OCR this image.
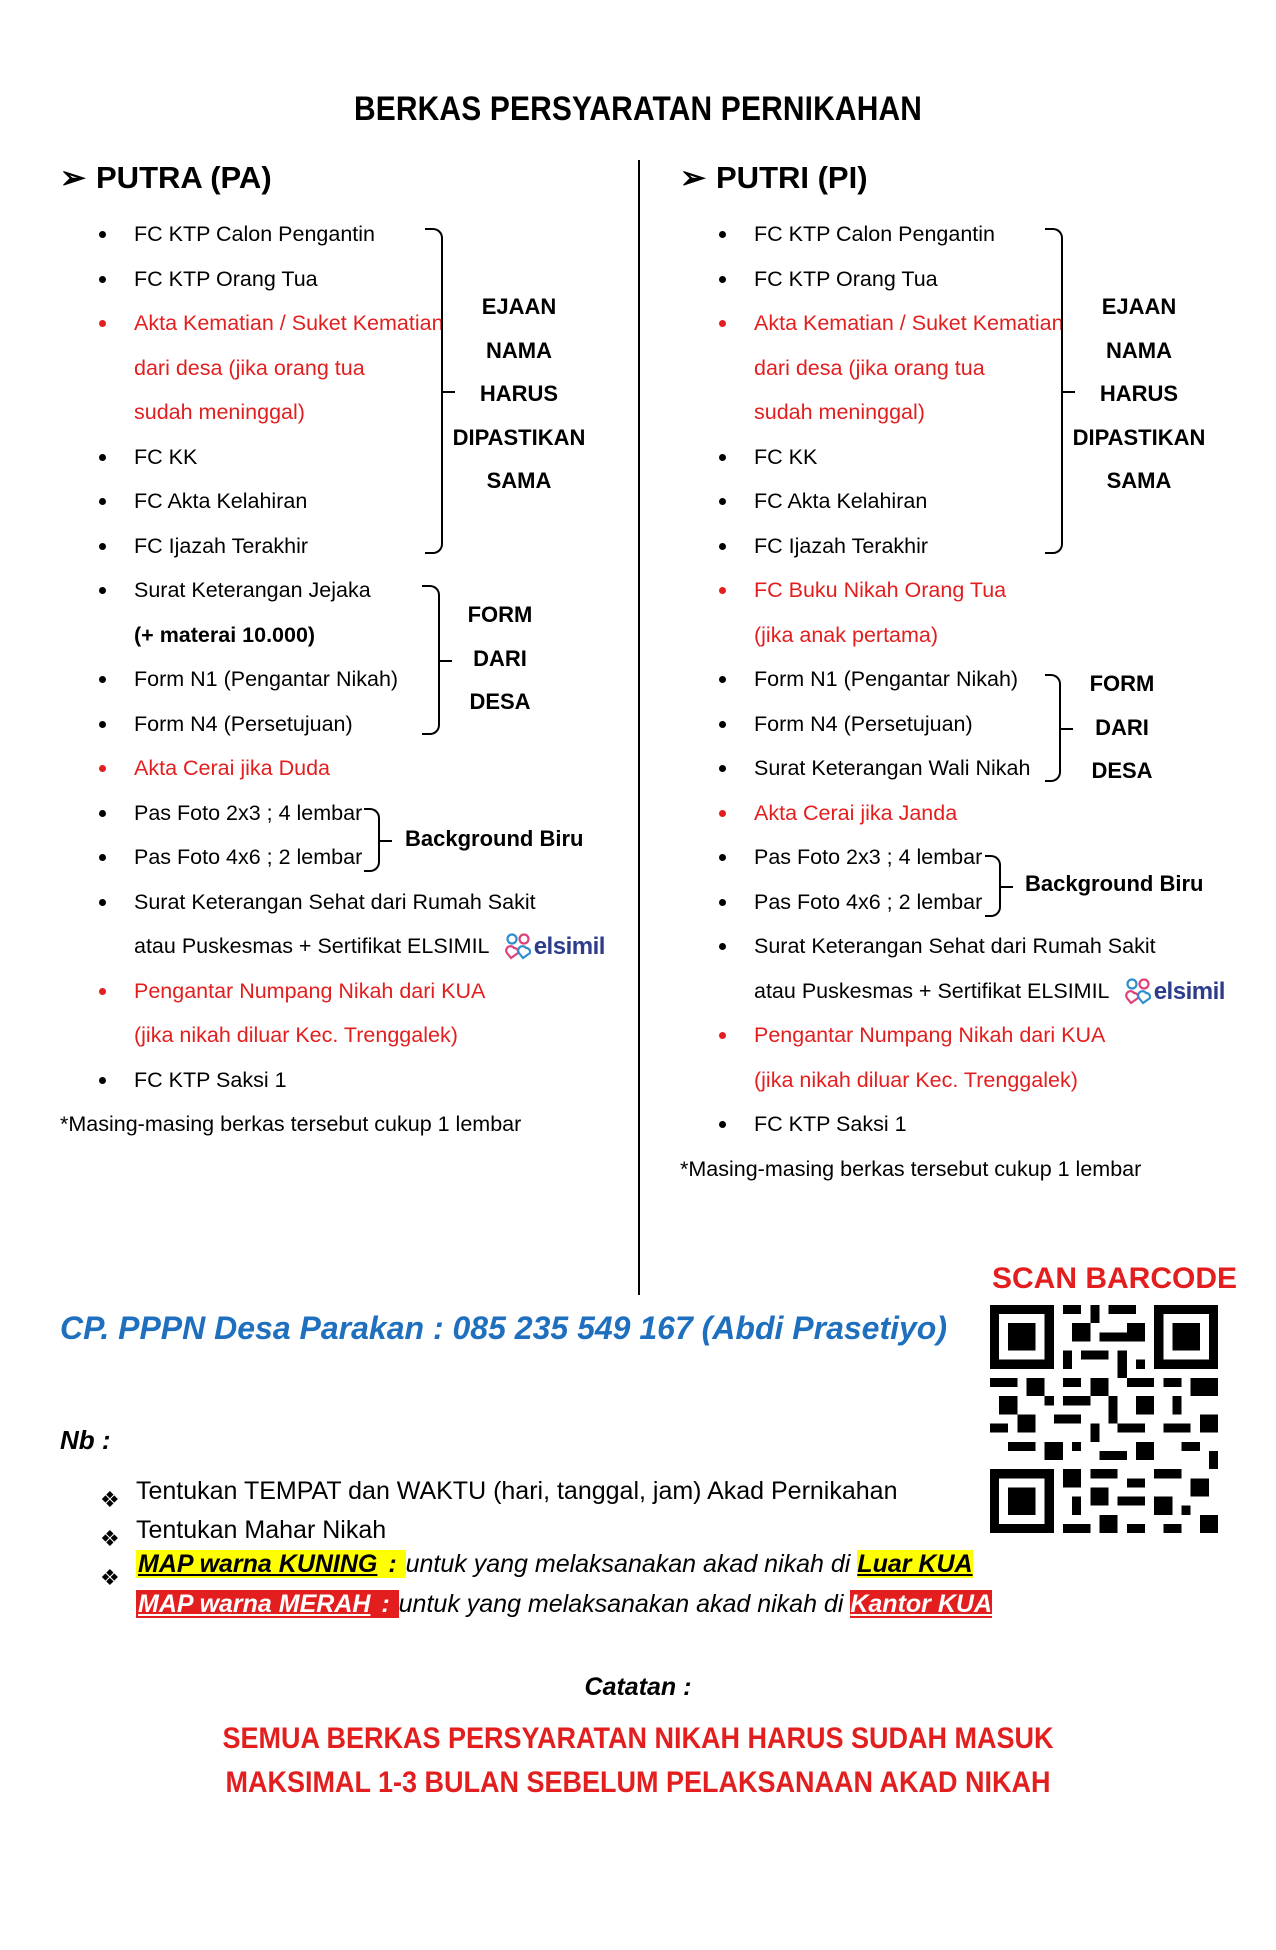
BERKAS PERSYARATAN PERNIKAHAN
➢ PUTRA (PA)
FC KTP Calon Pengantin
FC KTP Orang Tua
Akta Kematian / Suket Kematian
dari desa (jika orang tua
sudah meninggal)
FC KK
FC Akta Kelahiran
FC Ijazah Terakhir
Surat Keterangan Jejaka
(+ materai 10.000)
Form N1 (Pengantar Nikah)
Form N4 (Persetujuan)
Akta Cerai jika Duda
Pas Foto 2x3 ; 4 lembar
Pas Foto 4x6 ; 2 lembar
Surat Keterangan Sehat dari Rumah Sakit
atau Puskesmas + Sertifikat ELSIMIL elsimil
Pengantar Numpang Nikah dari KUA
(jika nikah diluar Kec. Trenggalek)
FC KTP Saksi 1
EJAAN
NAMA
HARUS
DIPASTIKAN
SAMA
FORM
DARI
DESA
Background Biru
*Masing-masing berkas tersebut cukup 1 lembar
➢ PUTRI (PI)
FC KTP Calon Pengantin
FC KTP Orang Tua
Akta Kematian / Suket Kematian
dari desa (jika orang tua
sudah meninggal)
FC KK
FC Akta Kelahiran
FC Ijazah Terakhir
FC Buku Nikah Orang Tua
(jika anak pertama)
Form N1 (Pengantar Nikah)
Form N4 (Persetujuan)
Surat Keterangan Wali Nikah
Akta Cerai jika Janda
Pas Foto 2x3 ; 4 lembar
Pas Foto 4x6 ; 2 lembar
Surat Keterangan Sehat dari Rumah Sakit
atau Puskesmas + Sertifikat ELSIMIL elsimil
Pengantar Numpang Nikah dari KUA
(jika nikah diluar Kec. Trenggalek)
FC KTP Saksi 1
EJAAN
NAMA
HARUS
DIPASTIKAN
SAMA
FORM
DARI
DESA
Background Biru
*Masing-masing berkas tersebut cukup 1 lembar
CP. PPPN Desa Parakan : 085 235 549 167 (Abdi Prasetiyo)
SCAN BARCODE
Nb :
❖ Tentukan TEMPAT dan WAKTU (hari, tanggal, jam) Akad Pernikahan
❖ Tentukan Mahar Nikah
❖ MAP warna KUNING : untuk yang melaksanakan akad nikah di Luar KUA
MAP warna MERAH : untuk yang melaksanakan akad nikah di Kantor KUA
Catatan :
SEMUA BERKAS PERSYARATAN NIKAH HARUS SUDAH MASUK
MAKSIMAL 1-3 BULAN SEBELUM PELAKSANAAN AKAD NIKAH
